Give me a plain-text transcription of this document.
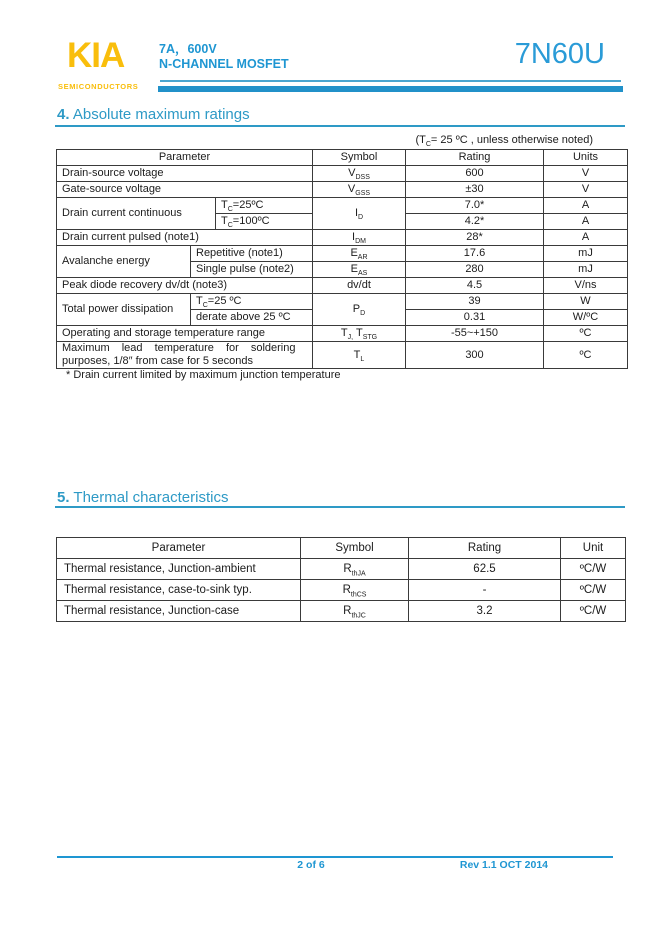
KIA
SEMICONDUCTORS
7A，600V
N-CHANNEL MOSFET	7N60U
4. Absolute maximum ratings
($T_C= 25$ ºC , unless otherwise noted)
Parameter			Symbol	Rating	Units
Drain-source voltage			$V_{DSS}$	600	V
Gate-source voltage			$V_{GSS}$	±30	V
Drain current continuous		$T_C=25ºC$	$I_D$	7.0*	A
		$T_C=100ºC$		4.2*	A
Drain current pulsed (note1)			$I_{DM}$	28*	A
Avalanche energy	Repetitive (note1)		$E_{AR}$	17.6	mJ
	Single pulse (note2)		$E_{AS}$	280	mJ
Peak diode recovery dv/dt (note3)			dv/dt	4.5	V/ns
Total power dissipation	$T_C=25$ ºC		$P_D$	39	W
	derate above 25 ºC			0.31	W/ºC
Operating and storage temperature range			$T_{J,}$ $T_{STG}$	-55~+150	ºC

Maximum lead temperature for soldering
purposes, 1/8″ from case for 5 seconds			$T_L$	300	ºC
* Drain current limited by maximum junction temperature
5. Thermal characteristics
Parameter	Symbol	Rating	Unit
Thermal resistance, Junction-ambient	$R_{thJA}$	62.5	ºC/W
Thermal resistance, case-to-sink typ.	$R_{thCS}$	-	ºC/W
Thermal resistance, Junction-case	$R_{thJC}$	3.2	ºC/W
2 of 6	Rev 1.1 OCT 2014
